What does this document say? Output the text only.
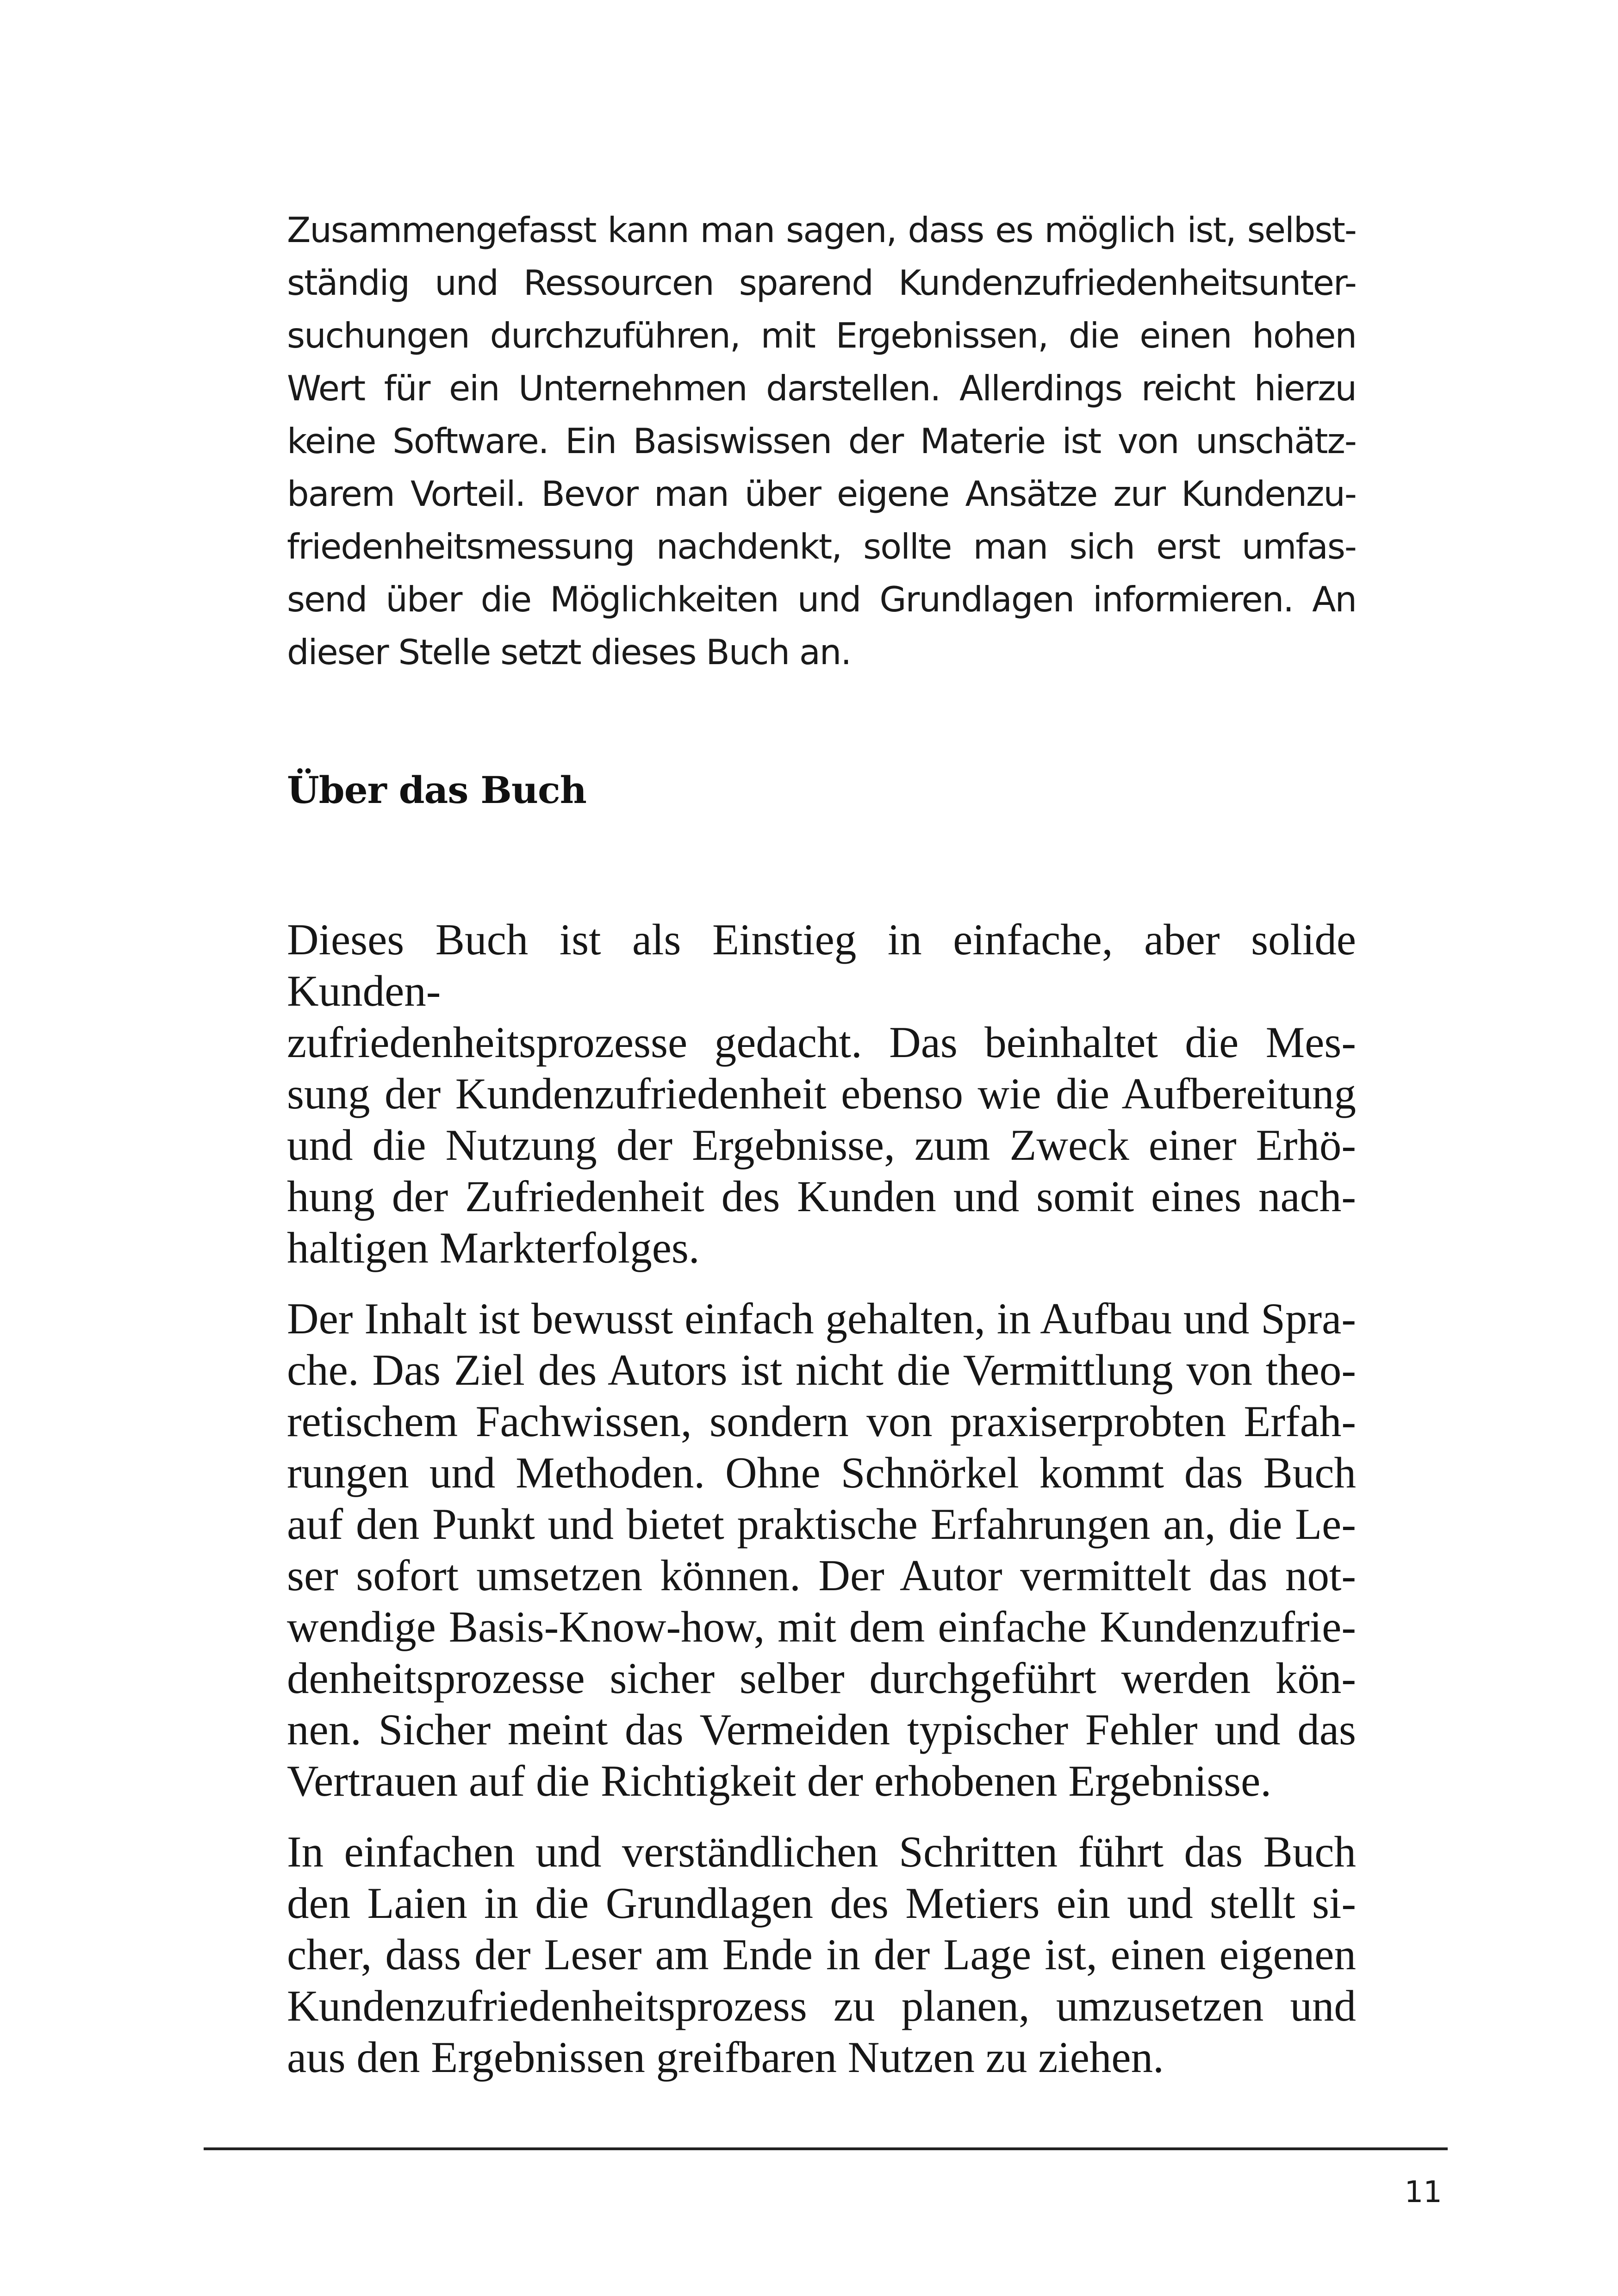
Zusammengefasst kann man sagen, dass es möglich ist, selbst-
ständig und Ressourcen sparend Kundenzufriedenheitsunter-
suchungen durchzuführen, mit Ergebnissen, die einen hohen
Wert für ein Unternehmen darstellen. Allerdings reicht hierzu
keine Software. Ein Basiswissen der Materie ist von unschätz-
barem Vorteil. Bevor man über eigene Ansätze zur Kundenzu-
friedenheitsmessung nachdenkt, sollte man sich erst umfas-
send über die Möglichkeiten und Grundlagen informieren. An
dieser Stelle setzt dieses Buch an.
Über das Buch

Dieses Buch ist als Einstieg in einfache, aber solide Kunden-
zufriedenheitsprozesse gedacht. Das beinhaltet die Mes-
sung der Kundenzufriedenheit ebenso wie die Aufbereitung
und die Nutzung der Ergebnisse, zum Zweck einer Erhö-
hung der Zufriedenheit des Kunden und somit eines nach-
haltigen Markterfolges.

Der Inhalt ist bewusst einfach gehalten, in Aufbau und Spra-
che. Das Ziel des Autors ist nicht die Vermittlung von theo-
retischem Fachwissen, sondern von praxiserprobten Erfah-
rungen und Methoden. Ohne Schnörkel kommt das Buch
auf den Punkt und bietet praktische Erfahrungen an, die Le-
ser sofort umsetzen können. Der Autor vermittelt das not-
wendige Basis-Know-how, mit dem einfache Kundenzufrie-
denheitsprozesse sicher selber durchgeführt werden kön-
nen. Sicher meint das Vermeiden typischer Fehler und das
Vertrauen auf die Richtigkeit der erhobenen Ergebnisse.

In einfachen und verständlichen Schritten führt das Buch
den Laien in die Grundlagen des Metiers ein und stellt si-
cher, dass der Leser am Ende in der Lage ist, einen eigenen
Kundenzufriedenheitsprozess zu planen, umzusetzen und
aus den Ergebnissen greifbaren Nutzen zu ziehen.

11
